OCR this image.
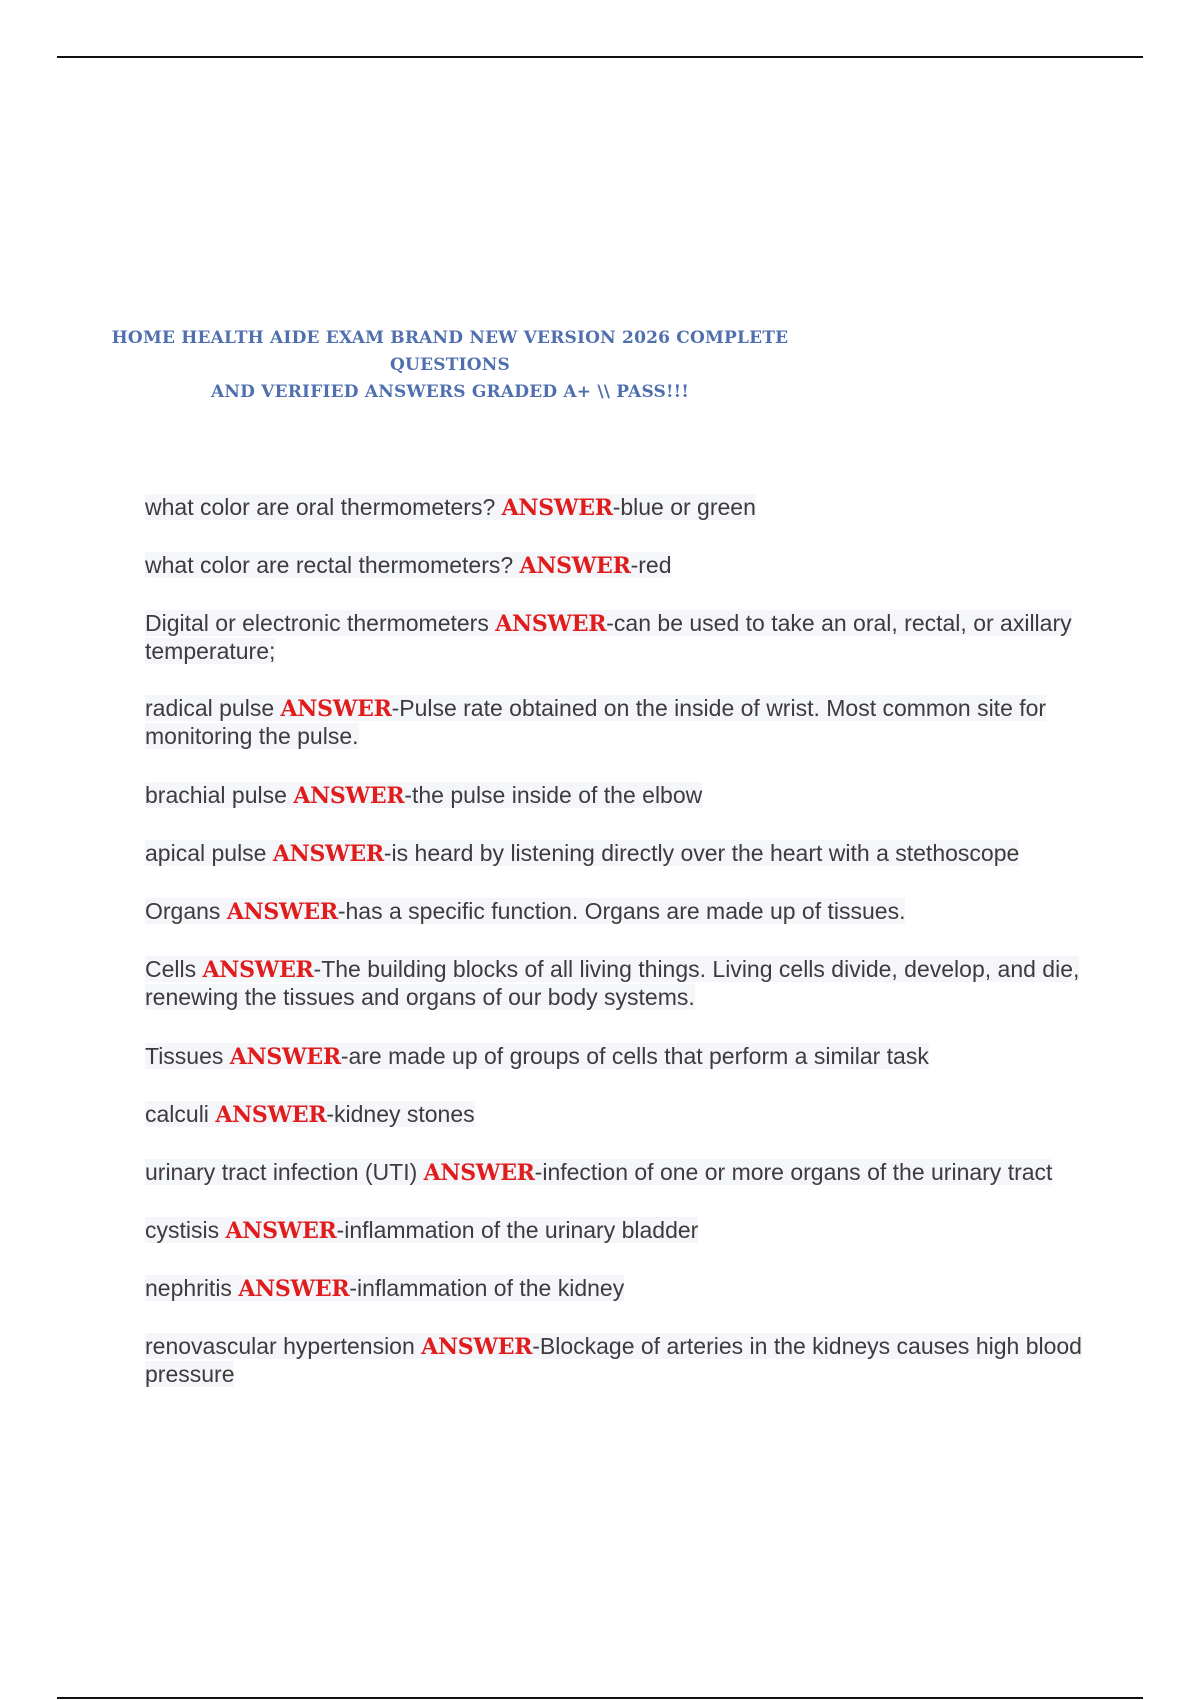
HOME HEALTH AIDE EXAM BRAND NEW VERSION 2026 COMPLETE QUESTIONS
AND VERIFIED ANSWERS GRADED A+ \\ PASS!!!
what color are oral thermometers? ANSWER-blue or green
what color are rectal thermometers? ANSWER-red
Digital or electronic thermometers ANSWER-can be used to take an oral, rectal, or axillary temperature;
radical pulse ANSWER-Pulse rate obtained on the inside of wrist. Most common site for monitoring the pulse.
brachial pulse ANSWER-the pulse inside of the elbow
apical pulse ANSWER-is heard by listening directly over the heart with a stethoscope
Organs ANSWER-has a specific function. Organs are made up of tissues.
Cells ANSWER-The building blocks of all living things. Living cells divide, develop, and die, renewing the tissues and organs of our body systems.
Tissues ANSWER-are made up of groups of cells that perform a similar task
calculi ANSWER-kidney stones
urinary tract infection (UTI) ANSWER-infection of one or more organs of the urinary tract
cystisis ANSWER-inflammation of the urinary bladder
nephritis ANSWER-inflammation of the kidney
renovascular hypertension ANSWER-Blockage of arteries in the kidneys causes high blood pressure
